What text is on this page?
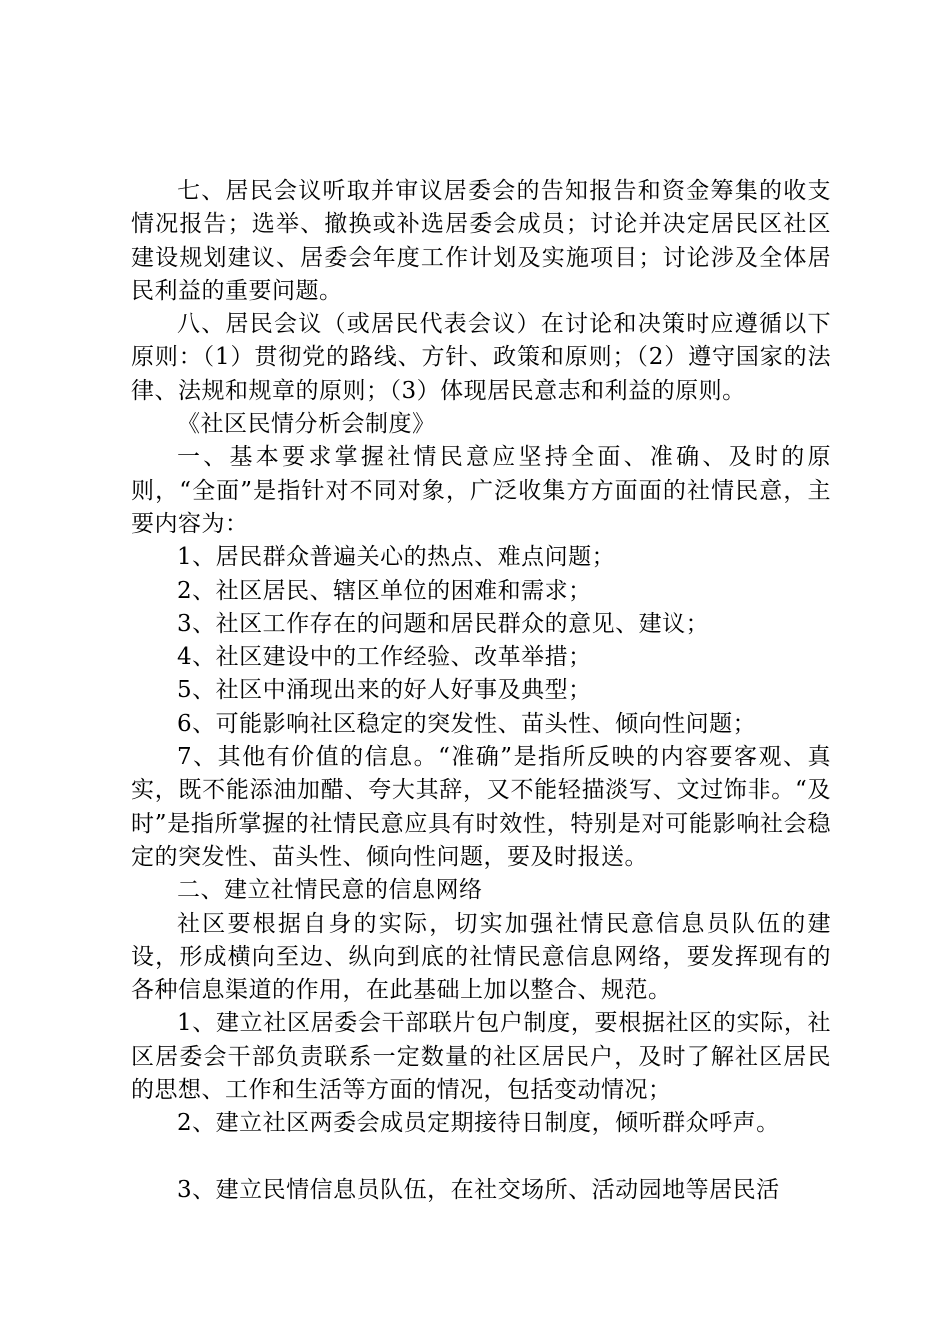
七、居民会议听取并审议居委会的告知报告和资金筹集的收支情况报告；选举、撤换或补选居委会成员；讨论并决定居民区社区建设规划建议、居委会年度工作计划及实施项目；讨论涉及全体居民利益的重要问题。

八、居民会议（或居民代表会议）在讨论和决策时应遵循以下原则：（1）贯彻党的路线、方针、政策和原则；（2）遵守国家的法律、法规和规章的原则；（3）体现居民意志和利益的原则。

《社区民情分析会制度》

一、基本要求掌握社情民意应坚持全面、准确、及时的原则，“全面”是指针对不同对象，广泛收集方方面面的社情民意，主要内容为：

1、居民群众普遍关心的热点、难点问题；

2、社区居民、辖区单位的困难和需求；

3、社区工作存在的问题和居民群众的意见、建议；

4、社区建设中的工作经验、改革举措；

5、社区中涌现出来的好人好事及典型；

6、可能影响社区稳定的突发性、苗头性、倾向性问题；

7、其他有价值的信息。“准确”是指所反映的内容要客观、真实，既不能添油加醋、夸大其辞，又不能轻描淡写、文过饰非。“及时”是指所掌握的社情民意应具有时效性，特别是对可能影响社会稳定的突发性、苗头性、倾向性问题，要及时报送。

二、建立社情民意的信息网络

社区要根据自身的实际，切实加强社情民意信息员队伍的建设，形成横向至边、纵向到底的社情民意信息网络，要发挥现有的各种信息渠道的作用，在此基础上加以整合、规范。

1、建立社区居委会干部联片包户制度，要根据社区的实际，社区居委会干部负责联系一定数量的社区居民户，及时了解社区居民的思想、工作和生活等方面的情况，包括变动情况；

2、建立社区两委会成员定期接待日制度，倾听群众呼声。

3、建立民情信息员队伍，在社交场所、活动园地等居民活
